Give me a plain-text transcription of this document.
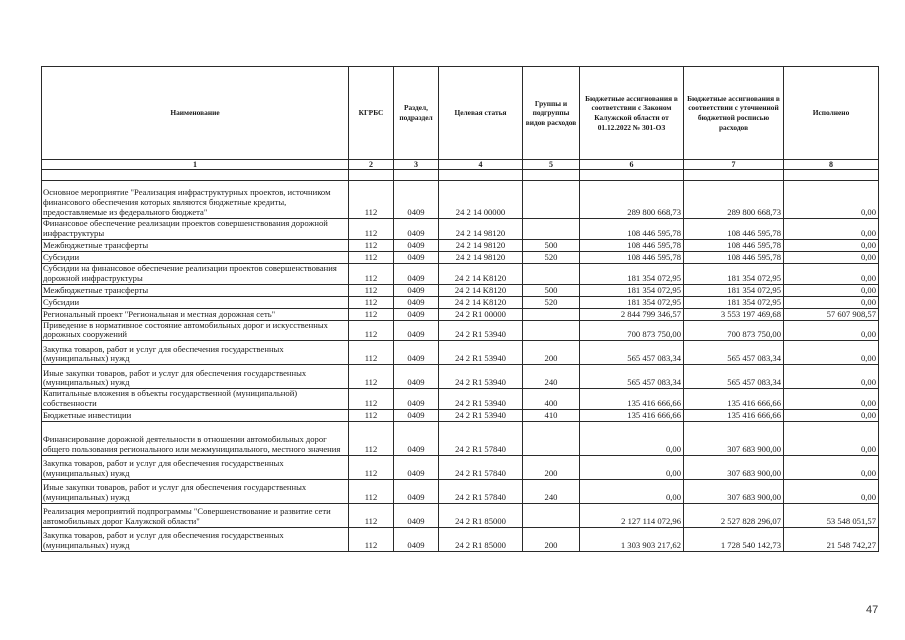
Наименование	КГРБС	Раздел, подраздел	Целевая статья	Группы и подгруппы видов расходов	Бюджетные ассигнования в соответствии с Законом Калужской области от 01.12.2022 № 301-ОЗ	Бюджетные ассигнования в соответствии с уточненной бюджетной росписью расходов	Исполнено
1	2	3	4	5	6	7	8

Основное мероприятие "Реализация инфраструктурных проектов, источником финансового обеспечения которых являются бюджетные кредиты, предоставляемые из федерального бюджета"	112	0409	24 2 14 00000		289 800 668,73	289 800 668,73	0,00
Финансовое обеспечение реализации проектов совершенствования дорожной инфраструктуры	112	0409	24 2 14 98120		108 446 595,78	108 446 595,78	0,00
Межбюджетные трансферты	112	0409	24 2 14 98120	500	108 446 595,78	108 446 595,78	0,00
Субсидии	112	0409	24 2 14 98120	520	108 446 595,78	108 446 595,78	0,00
Субсидии на финансовое обеспечение реализации проектов совершенствования дорожной инфраструктуры	112	0409	24 2 14 K8120		181 354 072,95	181 354 072,95	0,00
Межбюджетные трансферты	112	0409	24 2 14 K8120	500	181 354 072,95	181 354 072,95	0,00
Субсидии	112	0409	24 2 14 K8120	520	181 354 072,95	181 354 072,95	0,00
Региональный проект "Региональная и местная дорожная сеть"	112	0409	24 2 R1 00000		2 844 799 346,57	3 553 197 469,68	57 607 908,57
Приведение в нормативное состояние автомобильных дорог и искусственных дорожных сооружений	112	0409	24 2 R1 53940		700 873 750,00	700 873 750,00	0,00
Закупка товаров, работ и услуг для обеспечения государственных (муниципальных) нужд	112	0409	24 2 R1 53940	200	565 457 083,34	565 457 083,34	0,00
Иные закупки товаров, работ и услуг для обеспечения государственных (муниципальных) нужд	112	0409	24 2 R1 53940	240	565 457 083,34	565 457 083,34	0,00
Капитальные вложения в объекты государственной (муниципальной) собственности	112	0409	24 2 R1 53940	400	135 416 666,66	135 416 666,66	0,00
Бюджетные инвестиции	112	0409	24 2 R1 53940	410	135 416 666,66	135 416 666,66	0,00
Финансирование дорожной деятельности в отношении автомобильных дорог общего пользования регионального или межмуниципального, местного значения	112	0409	24 2 R1 57840		0,00	307 683 900,00	0,00
Закупка товаров, работ и услуг для обеспечения государственных (муниципальных) нужд	112	0409	24 2 R1 57840	200	0,00	307 683 900,00	0,00
Иные закупки товаров, работ и услуг для обеспечения государственных (муниципальных) нужд	112	0409	24 2 R1 57840	240	0,00	307 683 900,00	0,00
Реализация мероприятий подпрограммы "Совершенствование и развитие сети автомобильных дорог Калужской области"	112	0409	24 2 R1 85000		2 127 114 072,96	2 527 828 296,07	53 548 051,57
Закупка товаров, работ и услуг для обеспечения государственных (муниципальных) нужд	112	0409	24 2 R1 85000	200	1 303 903 217,62	1 728 540 142,73	21 548 742,27
47
